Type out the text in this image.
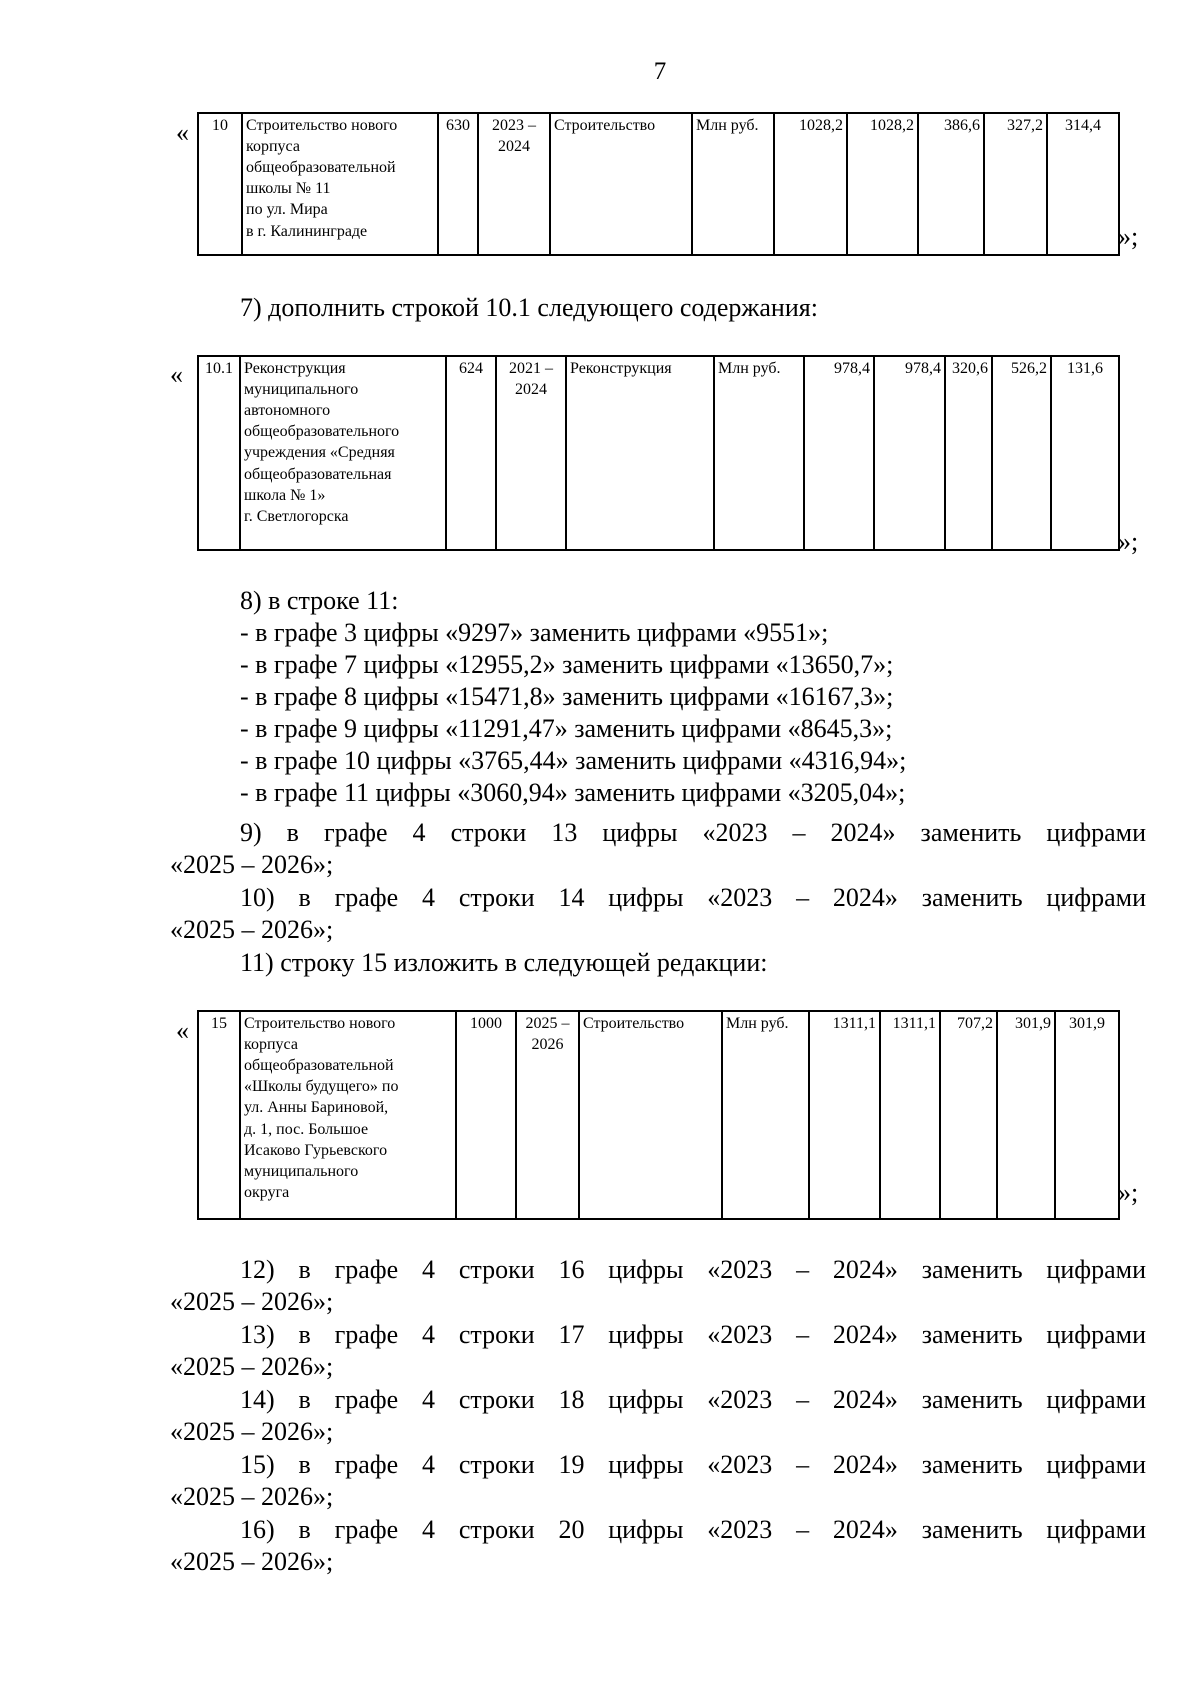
7
« 10	Строительство нового
корпуса
общеобразовательной
школы № 11
по ул. Мира
в г. Калининграде
	630	2023 –
2024
	Строительство	Млн руб.	1028,2	1028,2	386,6	327,2	314,4
»;
7) дополнить строкой 10.1 следующего содержания:
« 10.1	Реконструкция
муниципального
автономного
общеобразовательного
учреждения «Средняя
общеобразовательная
школа № 1»
г. Светлогорска
	624	2021 –
2024
	Реконструкция	Млн руб.	978,4	978,4	320,6	526,2	131,6
»;
8) в строке 11:
- в графе 3 цифры «9297» заменить цифрами «9551»;
- в графе 7 цифры «12955,2» заменить цифрами «13650,7»;
- в графе 8 цифры «15471,8» заменить цифрами «16167,3»;
- в графе 9 цифры «11291,47» заменить цифрами «8645,3»;
- в графе 10 цифры «3765,44» заменить цифрами «4316,94»;
- в графе 11 цифры «3060,94» заменить цифрами «3205,04»;
9) в графе 4 строки 13 цифры «2023 – 2024» заменить цифрами
«2025 – 2026»;
10) в графе 4 строки 14 цифры «2023 – 2024» заменить цифрами
«2025 – 2026»;
11) строку 15 изложить в следующей редакции:
« 15	Строительство нового
корпуса
общеобразовательной
«Школы будущего» по
ул. Анны Бариновой,
д. 1, пос. Большое
Исаково Гурьевского
муниципального
округа
	1000	2025 –
2026
	Строительство	Млн руб.	1311,1	1311,1	707,2	301,9	301,9
»;
12) в графе 4 строки 16 цифры «2023 – 2024» заменить цифрами
«2025 – 2026»;
13) в графе 4 строки 17 цифры «2023 – 2024» заменить цифрами
«2025 – 2026»;
14) в графе 4 строки 18 цифры «2023 – 2024» заменить цифрами
«2025 – 2026»;
15) в графе 4 строки 19 цифры «2023 – 2024» заменить цифрами
«2025 – 2026»;
16) в графе 4 строки 20 цифры «2023 – 2024» заменить цифрами
«2025 – 2026»;
